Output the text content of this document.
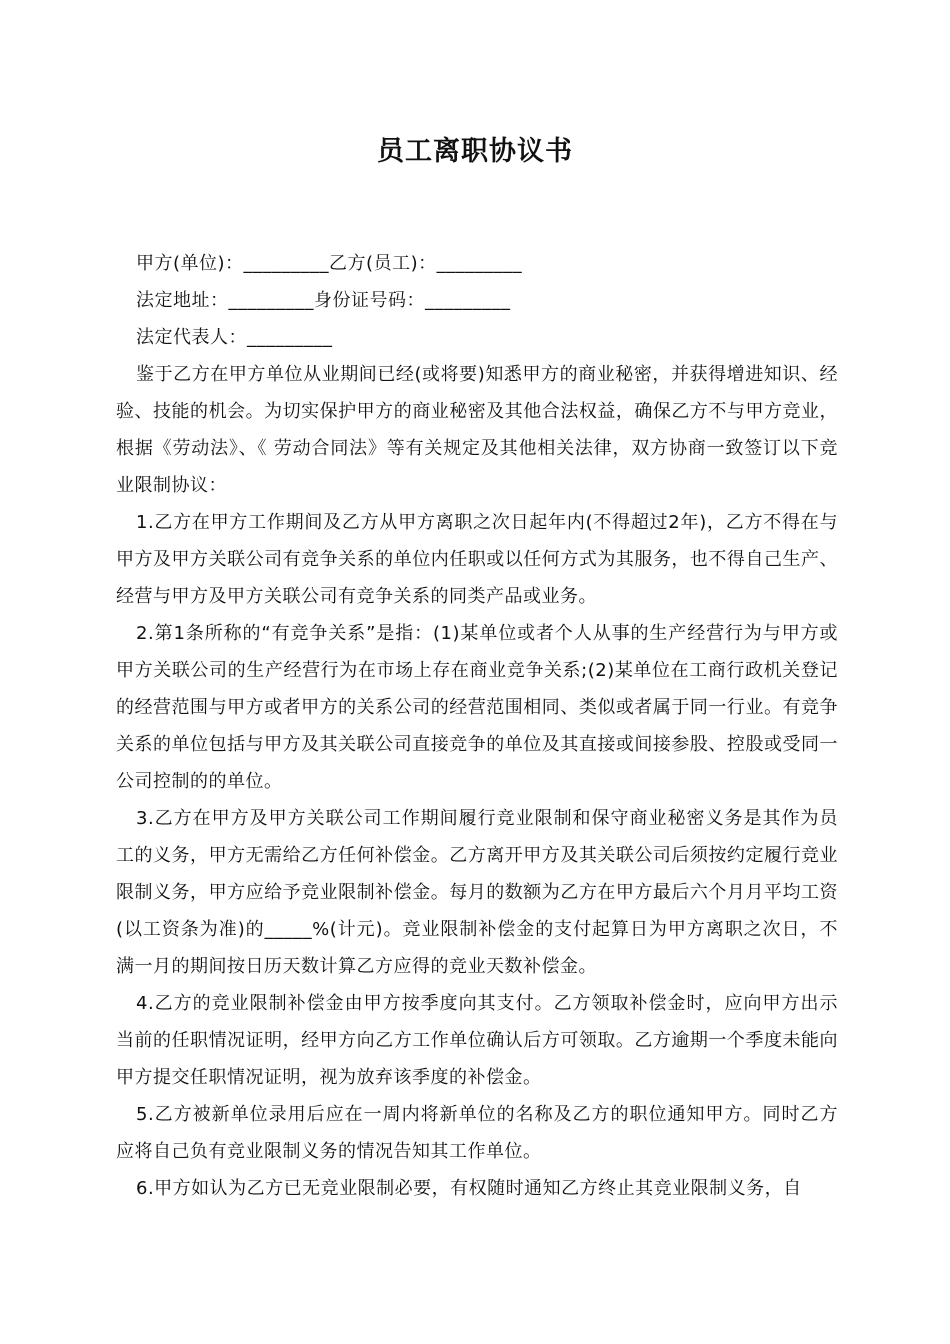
员工离职协议书

甲方(单位)：_________乙方(员工)：_________

法定地址：_________身份证号码：_________

法定代表人：_________

鉴于乙方在甲方单位从业期间已经(或将要)知悉甲方的商业秘密，并获得增进知识、经验、技能的机会。为切实保护甲方的商业秘密及其他合法权益，确保乙方不与甲方竞业，根据《劳动法》、《 劳动合同法》等有关规定及其他相关法律，双方协商一致签订以下竞业限制协议：

1.乙方在甲方工作期间及乙方从甲方离职之次日起年内(不得超过2年)，乙方不得在与甲方及甲方关联公司有竞争关系的单位内任职或以任何方式为其服务，也不得自己生产、经营与甲方及甲方关联公司有竞争关系的同类产品或业务。

2.第1条所称的“有竞争关系”是指：(1)某单位或者个人从事的生产经营行为与甲方或甲方关联公司的生产经营行为在市场上存在商业竞争关系;(2)某单位在工商行政机关登记的经营范围与甲方或者甲方的关系公司的经营范围相同、类似或者属于同一行业。有竞争关系的单位包括与甲方及其关联公司直接竞争的单位及其直接或间接参股、控股或受同一公司控制的的单位。

3.乙方在甲方及甲方关联公司工作期间履行竞业限制和保守商业秘密义务是其作为员工的义务，甲方无需给乙方任何补偿金。乙方离开甲方及其关联公司后须按约定履行竞业限制义务，甲方应给予竞业限制补偿金。每月的数额为乙方在甲方最后六个月月平均工资(以工资条为准)的_____%(计元)。竞业限制补偿金的支付起算日为甲方离职之次日，不满一月的期间按日历天数计算乙方应得的竞业天数补偿金。

4.乙方的竞业限制补偿金由甲方按季度向其支付。乙方领取补偿金时，应向甲方出示当前的任职情况证明，经甲方向乙方工作单位确认后方可领取。乙方逾期一个季度未能向甲方提交任职情况证明，视为放弃该季度的补偿金。

5.乙方被新单位录用后应在一周内将新单位的名称及乙方的职位通知甲方。同时乙方应将自己负有竞业限制义务的情况告知其工作单位。

6.甲方如认为乙方已无竞业限制必要，有权随时通知乙方终止其竞业限制义务，自
